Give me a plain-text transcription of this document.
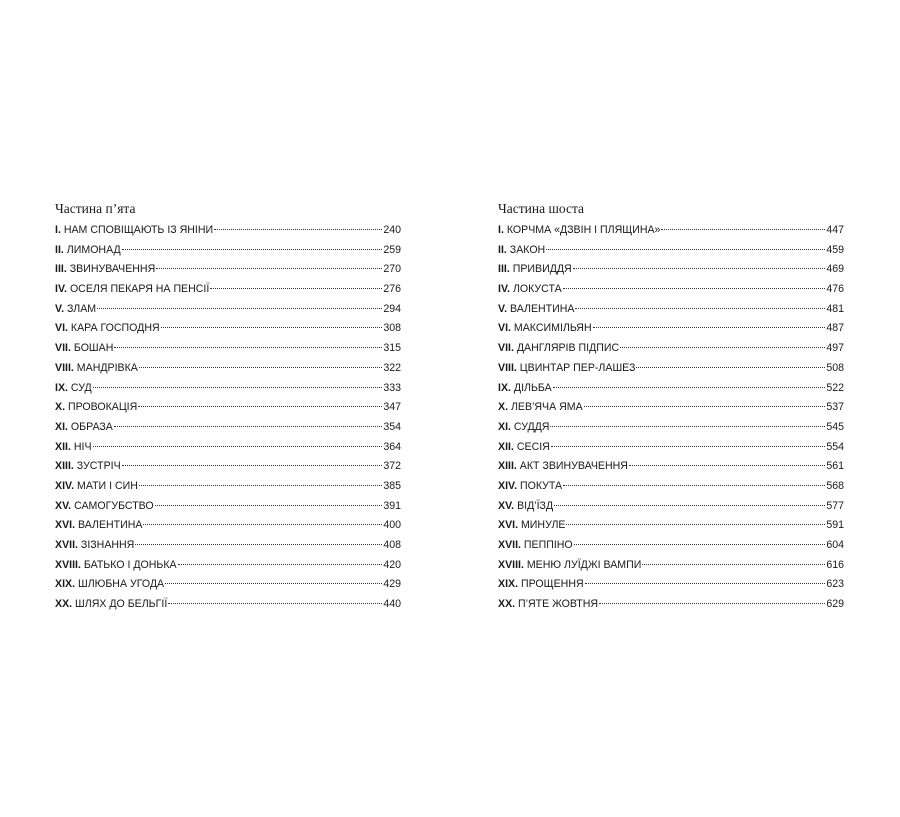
Частина п’ята
I. НАМ СПОВІЩАЮТЬ ІЗ ЯНІНИ	240
II. ЛИМОНАД	259
III. ЗВИНУВАЧЕННЯ	270
IV. ОСЕЛЯ ПЕКАРЯ НА ПЕНСІЇ	276
V. ЗЛАМ	294
VI. КАРА ГОСПОДНЯ	308
VII. БОШАН	315
VIII. МАНДРІВКА	322
IX. СУД	333
X. ПРОВОКАЦІЯ	347
XI. ОБРАЗА	354
XII. НІЧ	364
XIII. ЗУСТРІЧ	372
XIV. МАТИ І СИН	385
XV. САМОГУБСТВО	391
XVI. ВАЛЕНТИНА	400
XVII. ЗІЗНАННЯ	408
XVIII. БАТЬКО І ДОНЬКА	420
XIX. ШЛЮБНА УГОДА	429
XX. ШЛЯХ ДО БЕЛЬГІЇ	440
Частина шоста
I. КОРЧМА «ДЗВІН І ПЛЯЩИНА»	447
II. ЗАКОН	459
III. ПРИВИДДЯ	469
IV. ЛОКУСТА	476
V. ВАЛЕНТИНА	481
VI. МАКСИМІЛЬЯН	487
VII. ДАНГЛЯРІВ ПІДПИС	497
VIII. ЦВИНТАР ПЕР-ЛАШЕЗ	508
IX. ДІЛЬБА	522
X. ЛЕВ’ЯЧА ЯМА	537
XI. СУДДЯ	545
XII. СЕСІЯ	554
XIII. АКТ ЗВИНУВАЧЕННЯ	561
XIV. ПОКУТА	568
XV. ВІД’ЇЗД	577
XVI. МИНУЛЕ	591
XVII. ПЕППІНО	604
XVIII. МЕНЮ ЛУЇДЖІ ВАМПИ	616
XIX. ПРОЩЕННЯ	623
XX. П’ЯТЕ ЖОВТНЯ	629
